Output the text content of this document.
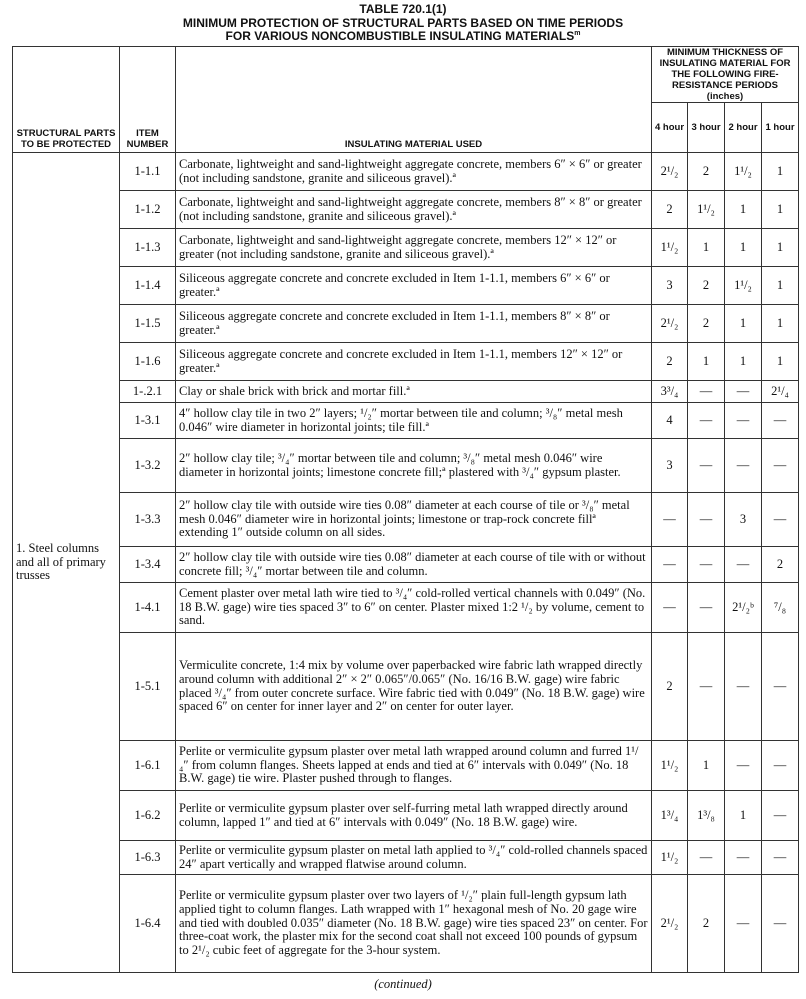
TABLE 720.1(1)
MINIMUM PROTECTION OF STRUCTURAL PARTS BASED ON TIME PERIODS
FOR VARIOUS NONCOMBUSTIBLE INSULATING MATERIALS$^m$
STRUCTURAL PARTS TO BE PROTECTED	ITEM NUMBER	INSULATING MATERIAL USED	MINIMUM THICKNESS OF INSULATING MATERIAL FOR THE FOLLOWING FIRE-RESISTANCE PERIODS (inches)			
			4 hour	3 hour	2 hour	1 hour
1. Steel columns and all of primary trusses	1-1.1	Carbonate, lightweight and sand-lightweight aggregate concrete, members 6″ × 6″ or greater (not including sandstone, granite and siliceous gravel).ª	2¹/₂	2	1¹/₂	1
	1-1.2	Carbonate, lightweight and sand-lightweight aggregate concrete, members 8″ × 8″ or greater (not including sandstone, granite and siliceous gravel).ª	2	1¹/₂	1	1
	1-1.3	Carbonate, lightweight and sand-lightweight aggregate concrete, members 12″ × 12″ or greater (not including sandstone, granite and siliceous gravel).ª	1¹/₂	1	1	1
	1-1.4	Siliceous aggregate concrete and concrete excluded in Item 1-1.1, members 6″ × 6″ or greater.ª	3	2	1¹/₂	1
	1-1.5	Siliceous aggregate concrete and concrete excluded in Item 1-1.1, members 8″ × 8″ or greater.ª	2¹/₂	2	1	1
	1-1.6	Siliceous aggregate concrete and concrete excluded in Item 1-1.1, members 12″ × 12″ or greater.ª	2	1	1	1
	1-.2.1	Clay or shale brick with brick and mortar fill.ª	3³/₄	—	—	2¹/₄
	1-3.1	4″ hollow clay tile in two 2″ layers; ¹/₂″ mortar between tile and column; ³/₈″ metal mesh 0.046″ wire diameter in horizontal joints; tile fill.ª	4	—	—	—
	1-3.2	2″ hollow clay tile; ³/₄″ mortar between tile and column; ³/₈″ metal mesh 0.046″ wire diameter in horizontal joints; limestone concrete fill;ª plastered with ³/₄″ gypsum plaster.	3	—	—	—
	1-3.3	2″ hollow clay tile with outside wire ties 0.08″ diameter at each course of tile or ³/₈″ metal mesh 0.046″ diameter wire in horizontal joints; limestone or trap-rock concrete fillª extending 1″ outside column on all sides.	—	—	3	—
	1-3.4	2″ hollow clay tile with outside wire ties 0.08″ diameter at each course of tile with or without concrete fill; ³/₄″ mortar between tile and column.	—	—	—	2
	1-4.1	Cement plaster over metal lath wire tied to ³/₄″ cold-rolled vertical channels with 0.049″ (No. 18 B.W. gage) wire ties spaced 3″ to 6″ on center. Plaster mixed 1:2 ¹/₂ by volume, cement to sand.	—	—	2¹/₂ᵇ	⁷/₈
	1-5.1	Vermiculite concrete, 1:4 mix by volume over paperbacked wire fabric lath wrapped directly around column with additional 2″ × 2″ 0.065″/0.065″ (No. 16/16 B.W. gage) wire fabric placed ³/₄″ from outer concrete surface. Wire fabric tied with 0.049″ (No. 18 B.W. gage) wire spaced 6″ on center for inner layer and 2″ on center for outer layer.	2	—	—	—
	1-6.1	Perlite or vermiculite gypsum plaster over metal lath wrapped around column and furred 1¹/₄″ from column flanges. Sheets lapped at ends and tied at 6″ intervals with 0.049″ (No. 18 B.W. gage) tie wire. Plaster pushed through to flanges.	1¹/₂	1	—	—
	1-6.2	Perlite or vermiculite gypsum plaster over self-furring metal lath wrapped directly around column, lapped 1″ and tied at 6″ intervals with 0.049″ (No. 18 B.W. gage) wire.	1³/₄	1³/₈	1	—
	1-6.3	Perlite or vermiculite gypsum plaster on metal lath applied to ³/₄″ cold-rolled channels spaced 24″ apart vertically and wrapped flatwise around column.	1¹/₂	—	—	—
	1-6.4	Perlite or vermiculite gypsum plaster over two layers of ¹/₂″ plain full-length gypsum lath applied tight to column flanges. Lath wrapped with 1″ hexagonal mesh of No. 20 gage wire and tied with doubled 0.035″ diameter (No. 18 B.W. gage) wire ties spaced 23″ on center. For three-coat work, the plaster mix for the second coat shall not exceed 100 pounds of gypsum to 2¹/₂ cubic feet of aggregate for the 3-hour system.	2¹/₂	2	—	—
(continued)
